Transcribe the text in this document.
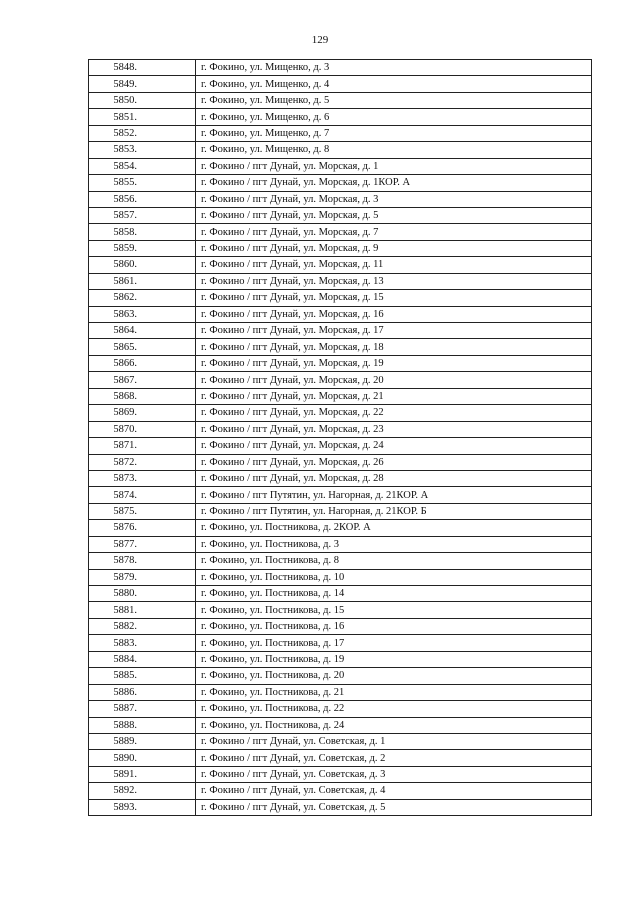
129
5848.	г. Фокино, ул. Мищенко, д. 3
5849.	г. Фокино, ул. Мищенко, д. 4
5850.	г. Фокино, ул. Мищенко, д. 5
5851.	г. Фокино, ул. Мищенко, д. 6
5852.	г. Фокино, ул. Мищенко, д. 7
5853.	г. Фокино, ул. Мищенко, д. 8
5854.	г. Фокино / пгт Дунай, ул. Морская, д. 1
5855.	г. Фокино / пгт Дунай, ул. Морская, д. 1КОР. А
5856.	г. Фокино / пгт Дунай, ул. Морская, д. 3
5857.	г. Фокино / пгт Дунай, ул. Морская, д. 5
5858.	г. Фокино / пгт Дунай, ул. Морская, д. 7
5859.	г. Фокино / пгт Дунай, ул. Морская, д. 9
5860.	г. Фокино / пгт Дунай, ул. Морская, д. 11
5861.	г. Фокино / пгт Дунай, ул. Морская, д. 13
5862.	г. Фокино / пгт Дунай, ул. Морская, д. 15
5863.	г. Фокино / пгт Дунай, ул. Морская, д. 16
5864.	г. Фокино / пгт Дунай, ул. Морская, д. 17
5865.	г. Фокино / пгт Дунай, ул. Морская, д. 18
5866.	г. Фокино / пгт Дунай, ул. Морская, д. 19
5867.	г. Фокино / пгт Дунай, ул. Морская, д. 20
5868.	г. Фокино / пгт Дунай, ул. Морская, д. 21
5869.	г. Фокино / пгт Дунай, ул. Морская, д. 22
5870.	г. Фокино / пгт Дунай, ул. Морская, д. 23
5871.	г. Фокино / пгт Дунай, ул. Морская, д. 24
5872.	г. Фокино / пгт Дунай, ул. Морская, д. 26
5873.	г. Фокино / пгт Дунай, ул. Морская, д. 28
5874.	г. Фокино / пгт Путятин, ул. Нагорная, д. 21КОР. А
5875.	г. Фокино / пгт Путятин, ул. Нагорная, д. 21КОР. Б
5876.	г. Фокино, ул. Постникова, д. 2КОР. А
5877.	г. Фокино, ул. Постникова, д. 3
5878.	г. Фокино, ул. Постникова, д. 8
5879.	г. Фокино, ул. Постникова, д. 10
5880.	г. Фокино, ул. Постникова, д. 14
5881.	г. Фокино, ул. Постникова, д. 15
5882.	г. Фокино, ул. Постникова, д. 16
5883.	г. Фокино, ул. Постникова, д. 17
5884.	г. Фокино, ул. Постникова, д. 19
5885.	г. Фокино, ул. Постникова, д. 20
5886.	г. Фокино, ул. Постникова, д. 21
5887.	г. Фокино, ул. Постникова, д. 22
5888.	г. Фокино, ул. Постникова, д. 24
5889.	г. Фокино / пгт Дунай, ул. Советская, д. 1
5890.	г. Фокино / пгт Дунай, ул. Советская, д. 2
5891.	г. Фокино / пгт Дунай, ул. Советская, д. 3
5892.	г. Фокино / пгт Дунай, ул. Советская, д. 4
5893.	г. Фокино / пгт Дунай, ул. Советская, д. 5
